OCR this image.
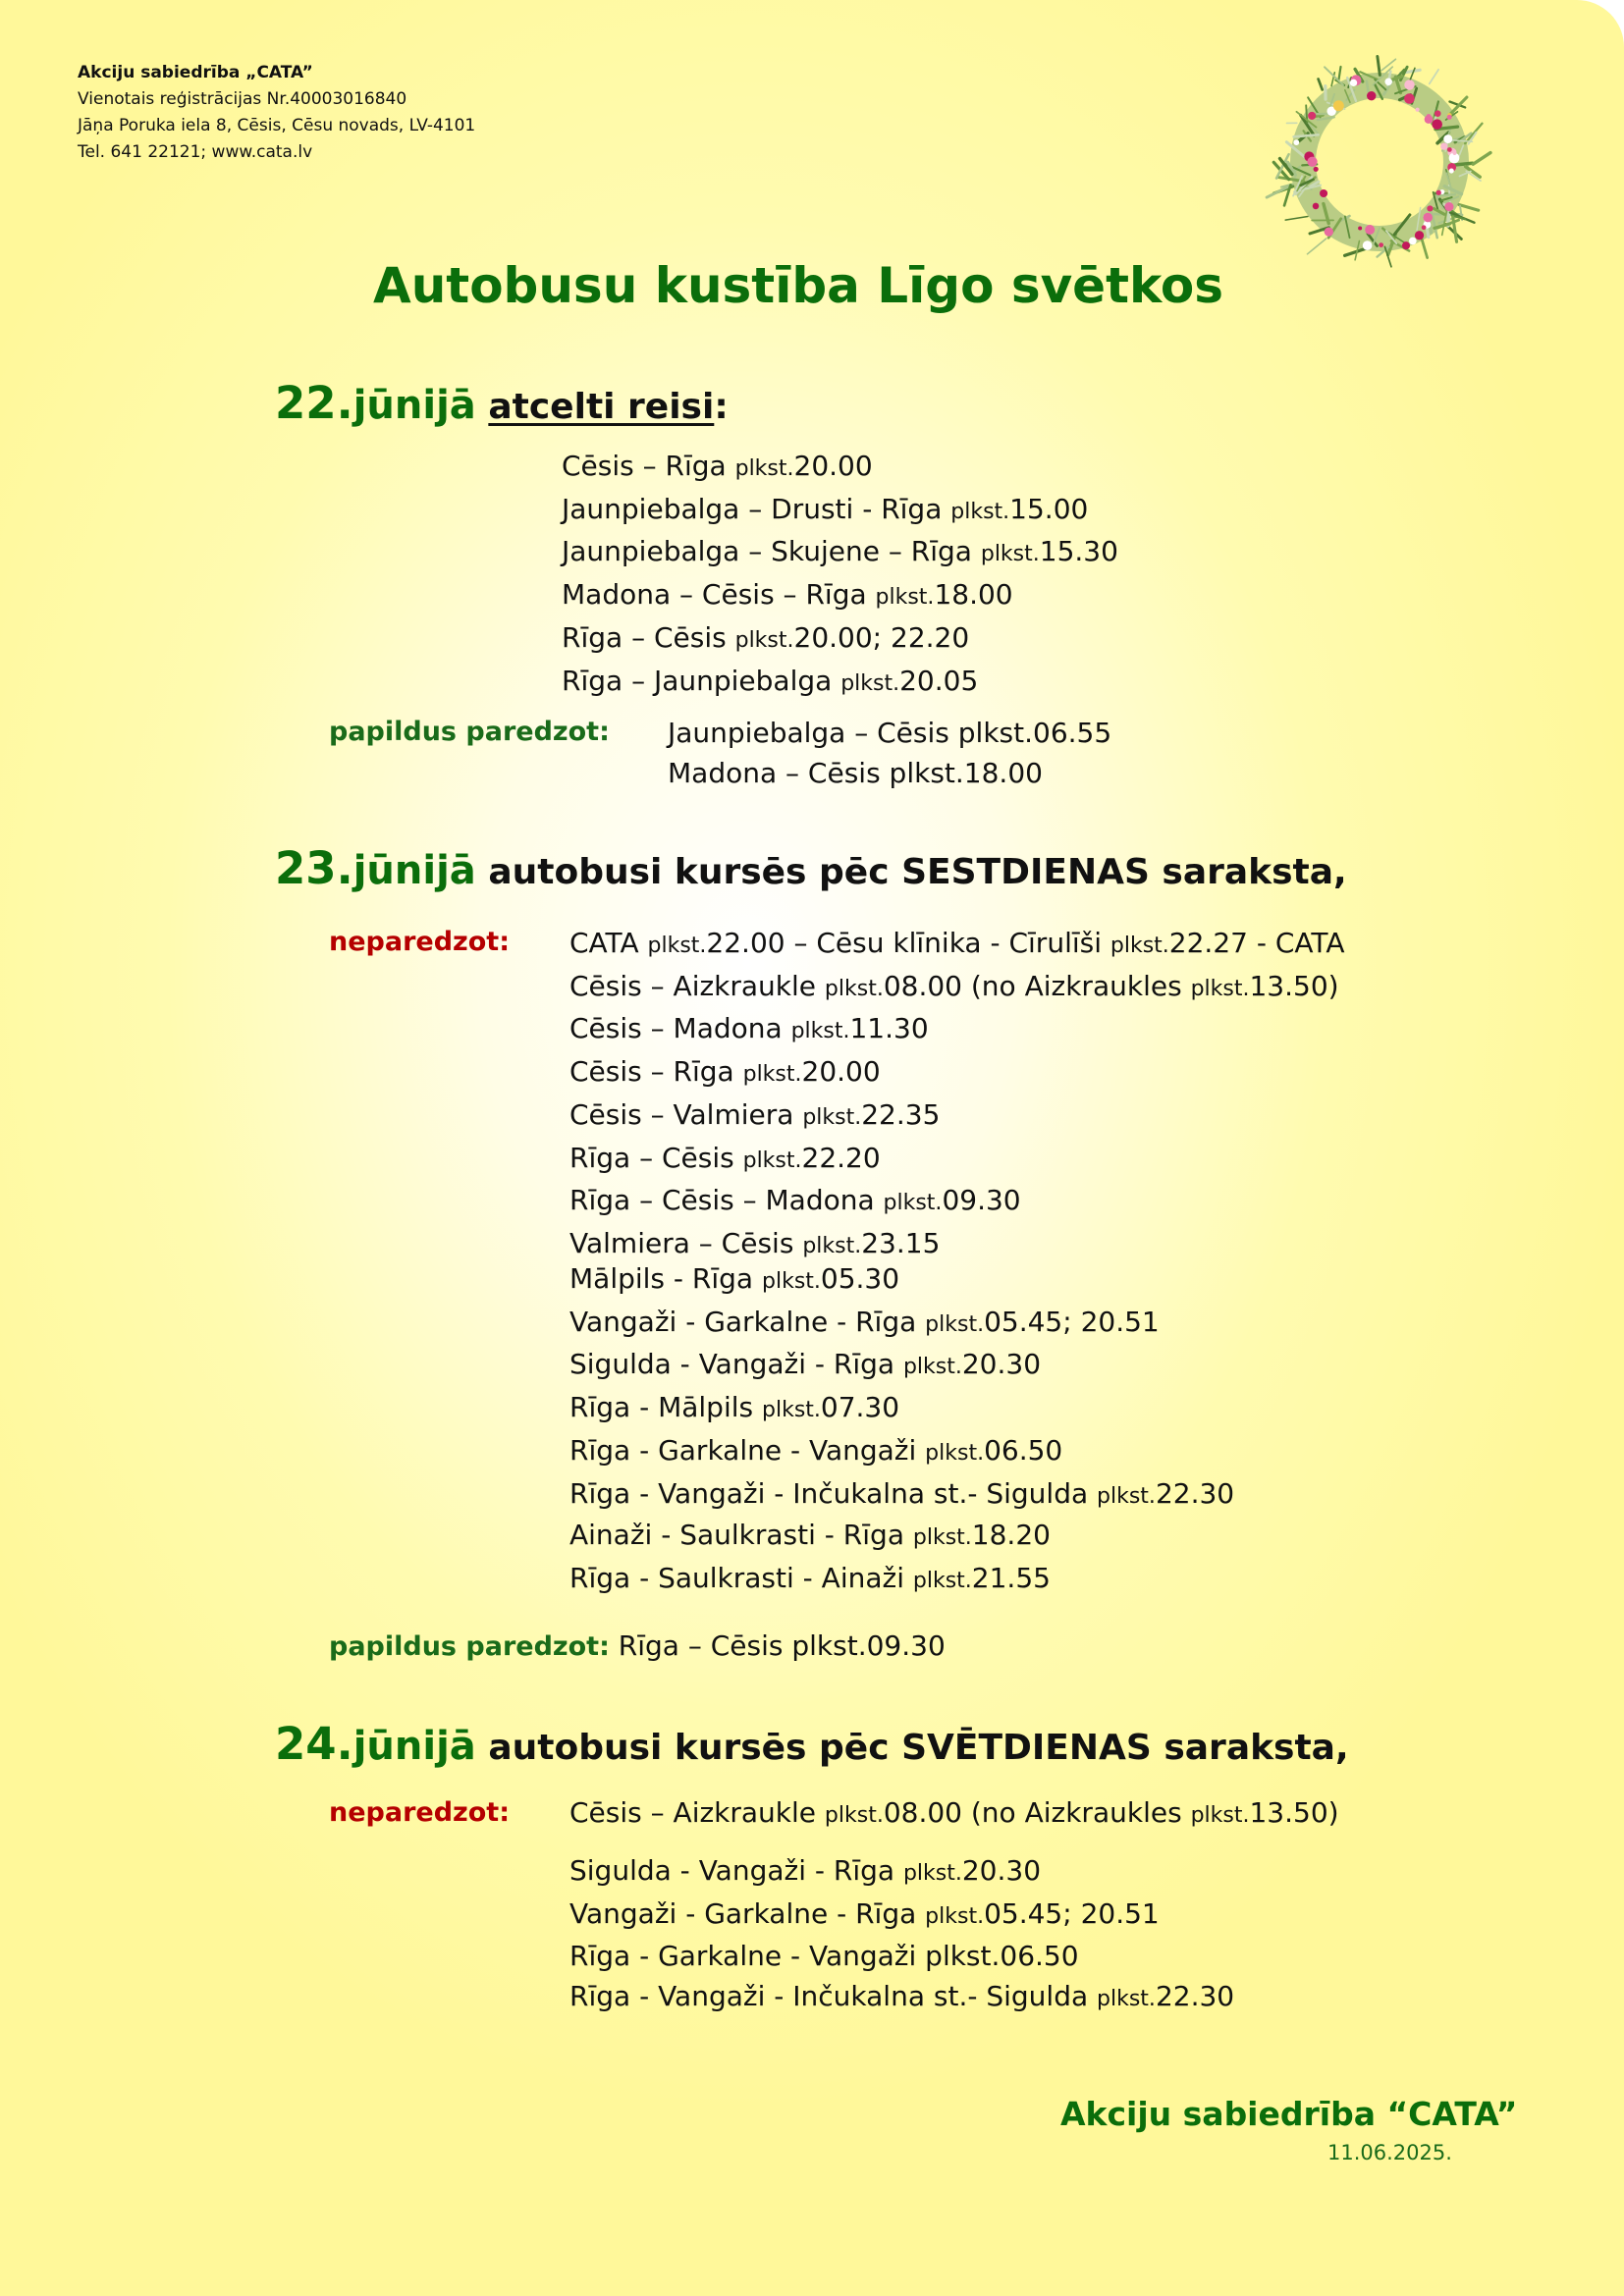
Akciju sabiedrība „CATA”
Vienotais reģistrācijas Nr.40003016840
Jāņa Poruka iela 8, Cēsis, Cēsu novads, LV-4101
Tel. 641 22121; www.cata.lv
Autobusu kustība Līgo svētkos
22.jūnijā atcelti reisi:
Cēsis – Rīga plkst.20.00
Jaunpiebalga – Drusti - Rīga plkst.15.00
Jaunpiebalga – Skujene – Rīga plkst.15.30
Madona – Cēsis – Rīga plkst.18.00
Rīga – Cēsis plkst.20.00; 22.20
Rīga – Jaunpiebalga plkst.20.05
papildus paredzot: Jaunpiebalga – Cēsis plkst.06.55
Madona – Cēsis plkst.18.00
23.jūnijā autobusi kursēs pēc SESTDIENAS saraksta,
neparedzot: CATA plkst.22.00 – Cēsu klīnika - Cīrulīši plkst.22.27 - CATA
Cēsis – Aizkraukle plkst.08.00 (no Aizkraukles plkst.13.50)
Cēsis – Madona plkst.11.30
Cēsis – Rīga plkst.20.00
Cēsis – Valmiera plkst.22.35
Rīga – Cēsis plkst.22.20
Rīga – Cēsis – Madona plkst.09.30
Valmiera – Cēsis plkst.23.15
Mālpils - Rīga plkst.05.30
Vangaži - Garkalne - Rīga plkst.05.45; 20.51
Sigulda - Vangaži - Rīga plkst.20.30
Rīga - Mālpils plkst.07.30
Rīga - Garkalne - Vangaži plkst.06.50
Rīga - Vangaži - Inčukalna st.- Sigulda plkst.22.30
Ainaži - Saulkrasti - Rīga plkst.18.20
Rīga - Saulkrasti - Ainaži plkst.21.55
papildus paredzot: Rīga – Cēsis plkst.09.30
24.jūnijā autobusi kursēs pēc SVĒTDIENAS saraksta,
neparedzot: Cēsis – Aizkraukle plkst.08.00 (no Aizkraukles plkst.13.50)
Sigulda - Vangaži - Rīga plkst.20.30
Vangaži - Garkalne - Rīga plkst.05.45; 20.51
Rīga - Garkalne - Vangaži plkst.06.50
Rīga - Vangaži - Inčukalna st.- Sigulda plkst.22.30
Akciju sabiedrība “CATA”
11.06.2025.
